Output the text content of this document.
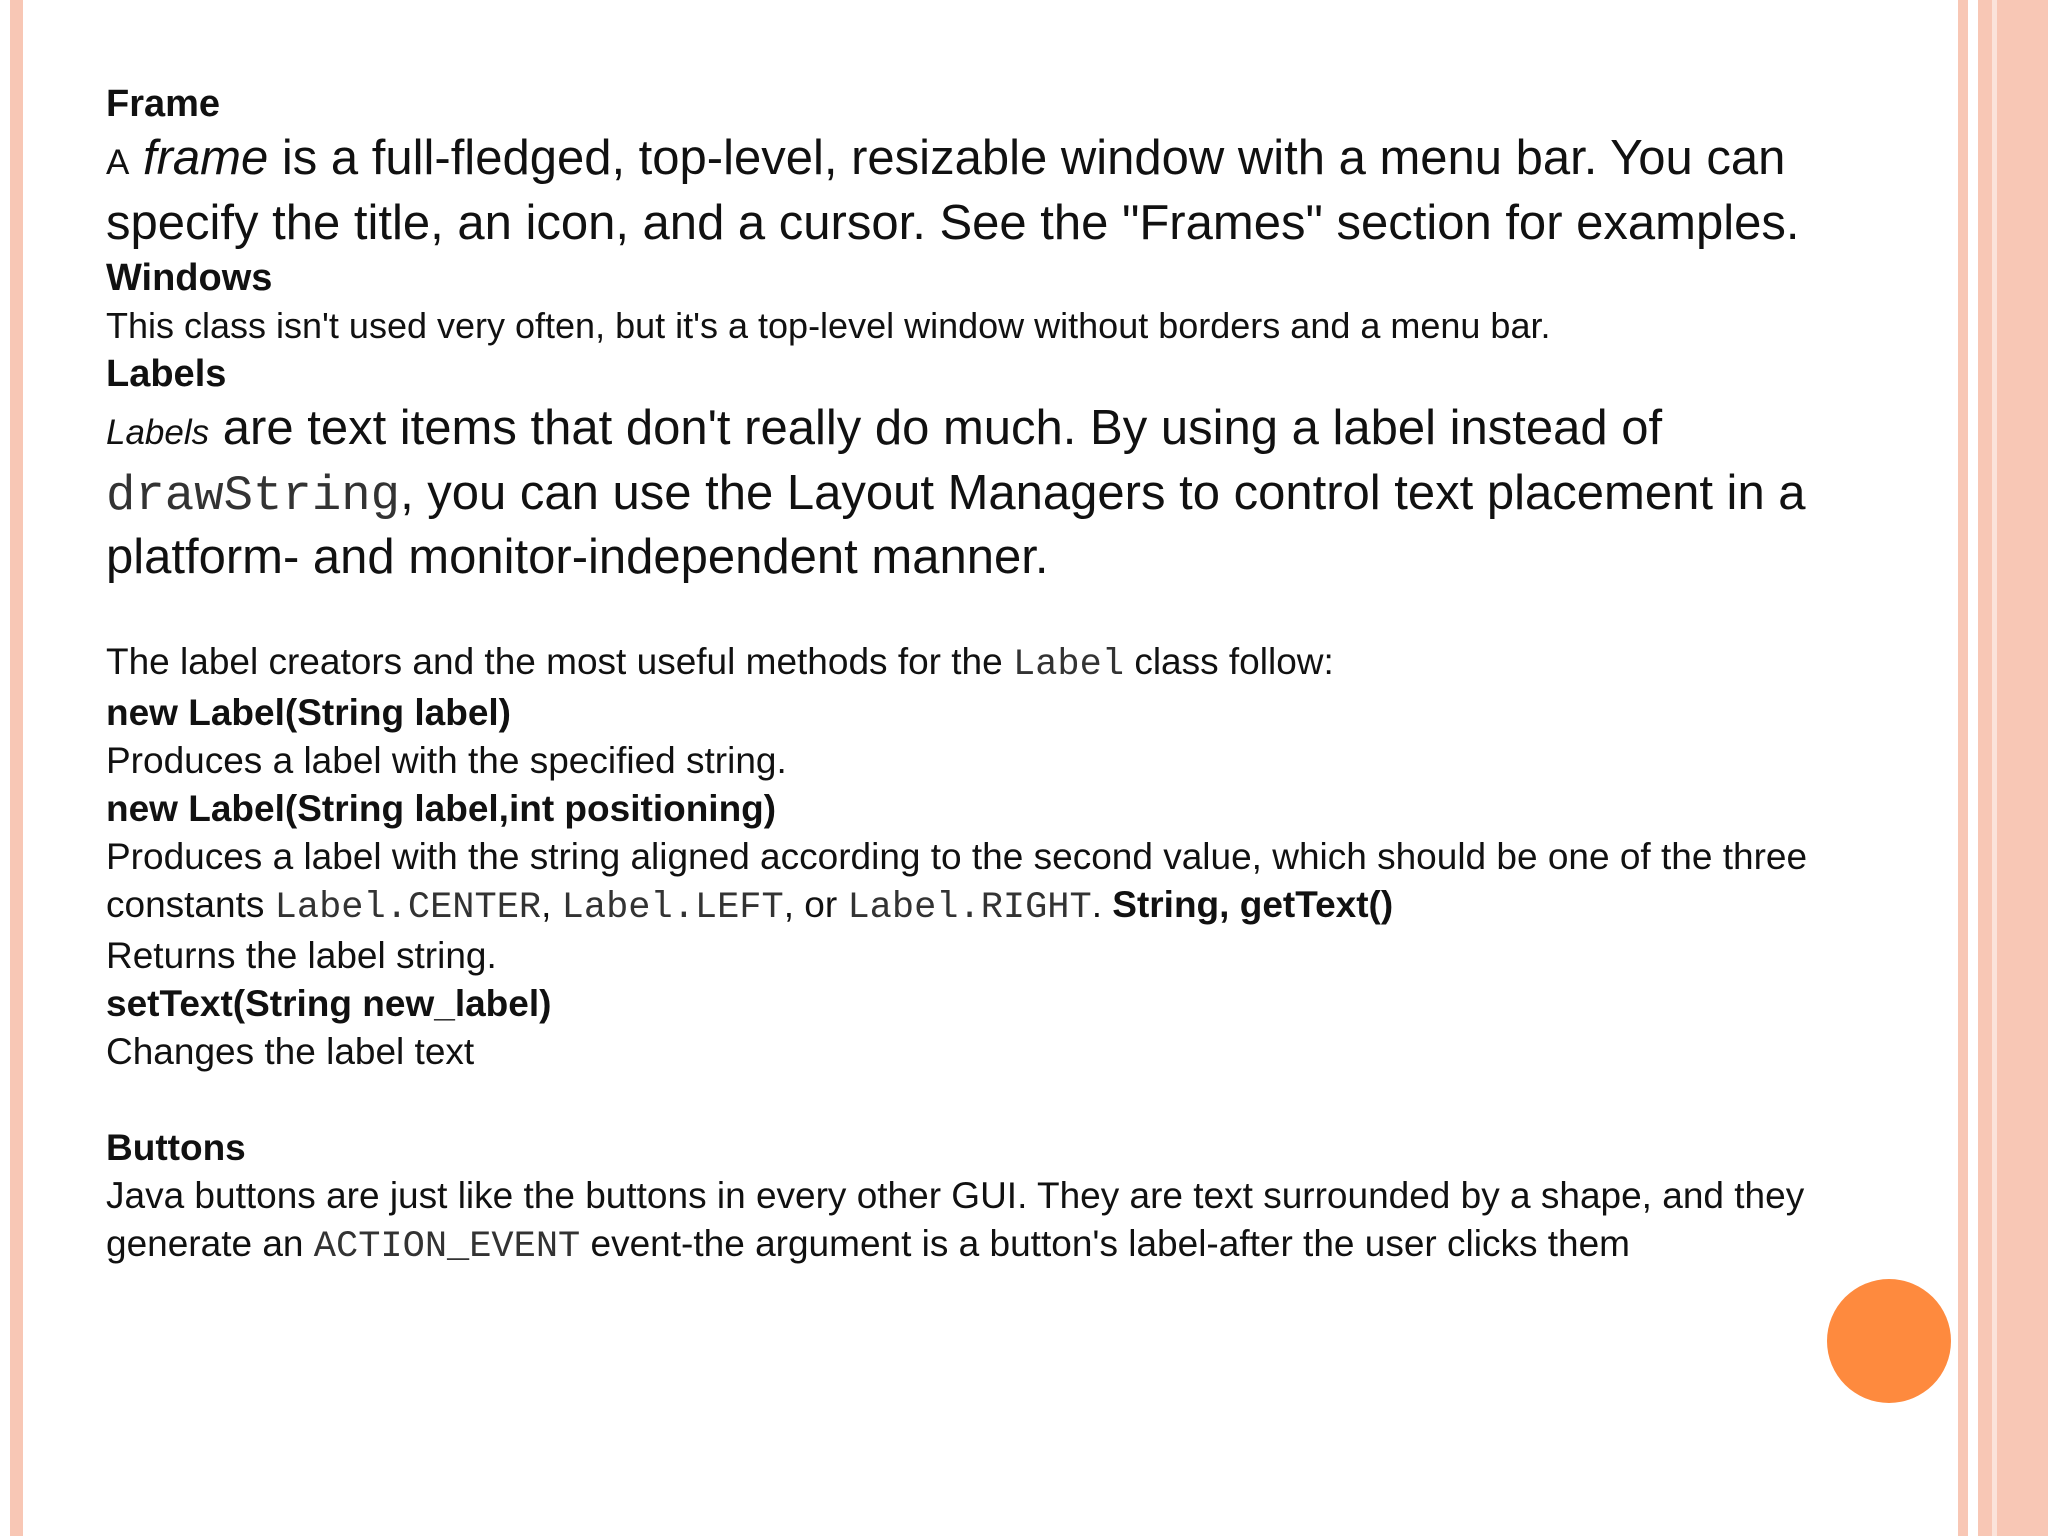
Frame

A frame is a full-fledged, top-level, resizable window with a menu bar. You can

specify the title, an icon, and a cursor. See the "Frames" section for examples.

Windows

This class isn't used very often, but it's a top-level window without borders and a menu bar.

Labels

Labels are text items that don't really do much. By using a label instead of

drawString, you can use the Layout Managers to control text placement in a

platform- and monitor-independent manner.

The label creators and the most useful methods for the Label class follow:

new Label(String label)

Produces a label with the specified string.

new Label(String label,int positioning)

Produces a label with the string aligned according to the second value, which should be one of the three

constants Label.CENTER, Label.LEFT, or Label.RIGHT. String, getText()

Returns the label string.

setText(String new_label)

Changes the label text

Buttons

Java buttons are just like the buttons in every other GUI. They are text surrounded by a shape, and they

generate an ACTION_EVENT event-the argument is a button's label-after the user clicks them
